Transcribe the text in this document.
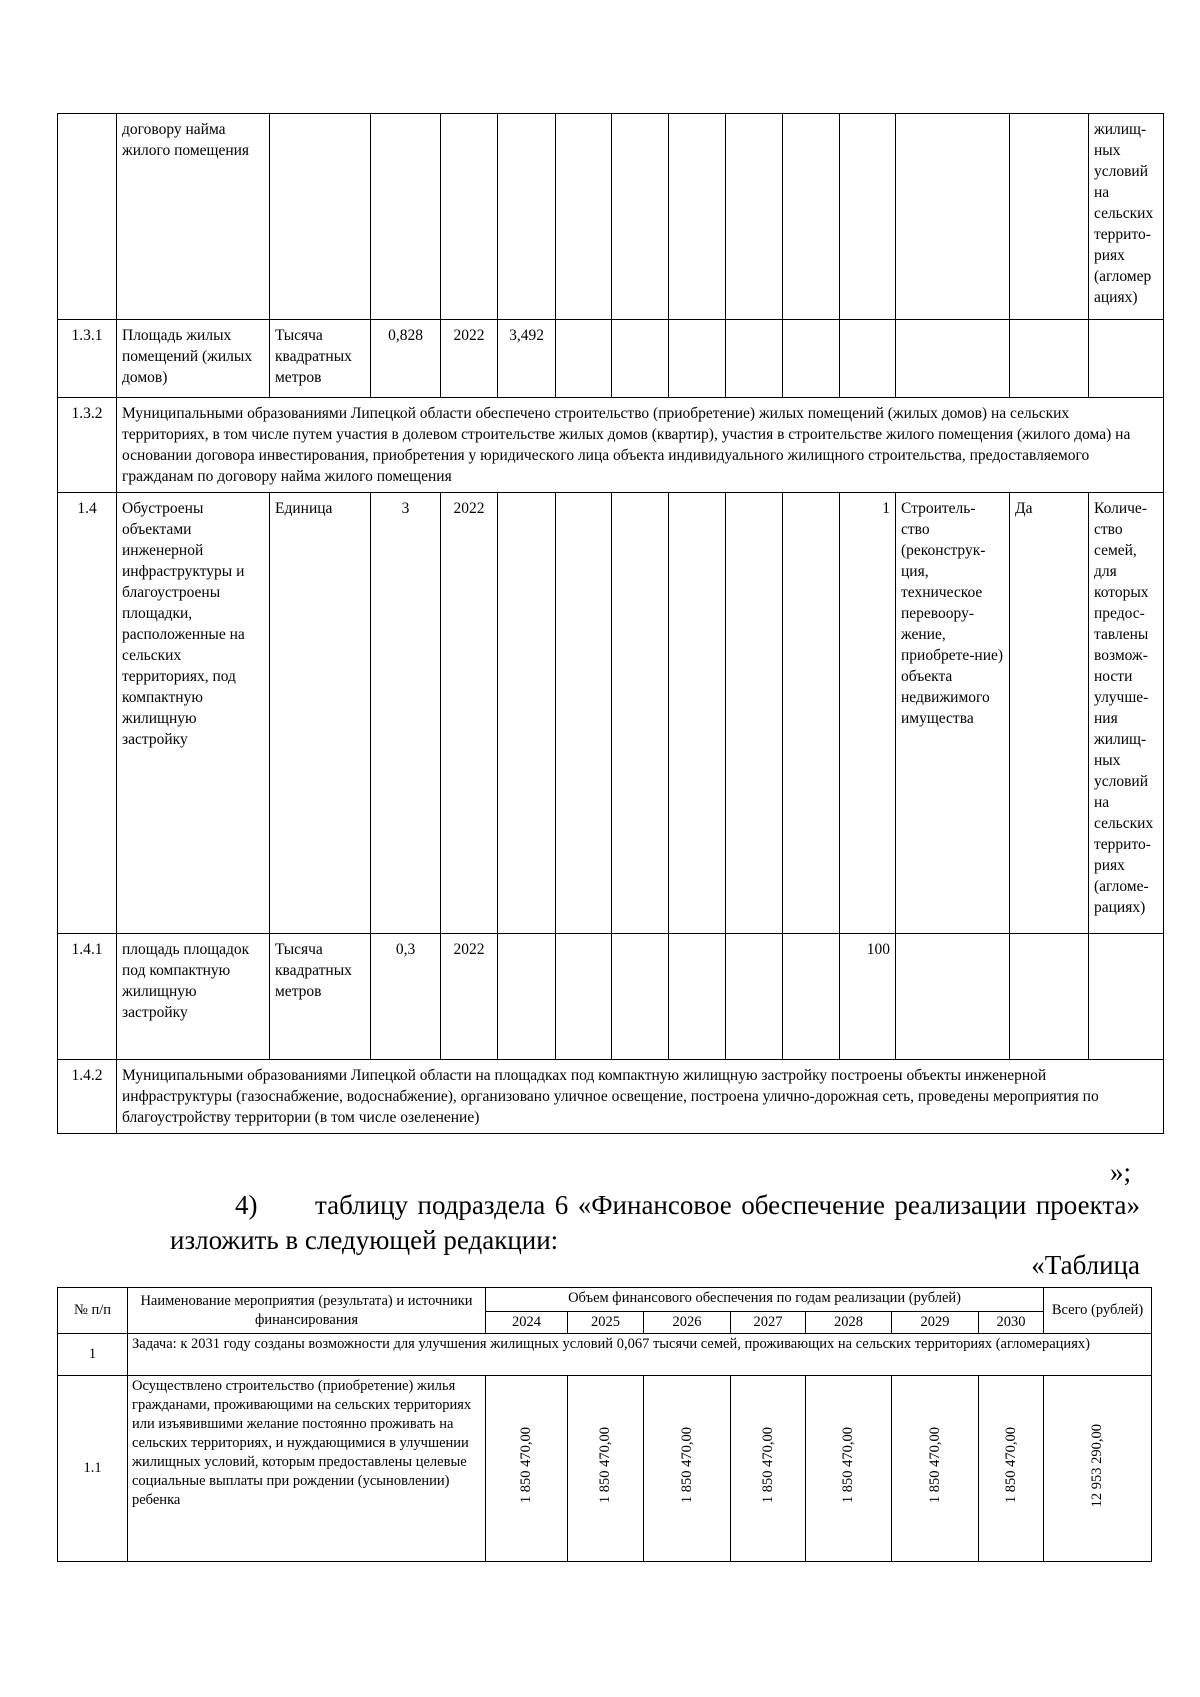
	договору найма жилого помещения													жилищ-ных условий на сельских террито-риях (агломер ациях)
1.3.1	Площадь жилых помещений (жилых домов)	Тысяча квадратных метров	0,828	2022	3,492									
1.3.2	Муниципальными образованиями Липецкой области обеспечено строительство (приобретение) жилых помещений (жилых домов) на сельских территориях, в том числе путем участия в долевом строительстве жилых домов (квартир), участия в строительстве жилого помещения (жилого дома) на основании договора инвестирования, приобретения у юридического лица объекта индивидуального жилищного строительства, предоставляемого гражданам по договору найма жилого помещения													
1.4	Обустроены объектами инженерной инфраструктуры и благоустроены площадки, расположенные на сельских территориях, под компактную жилищную застройку	Единица	3	2022							1	Строитель-ство (реконструк-ция, техническое перевоору-жение, приобрете-ние) объекта недвижимого имущества	Да	Количе-ство семей, для которых предос-тавлены возмож-ности улучше-ния жилищ-ных условий на сельских террито-риях (агломе-рациях)
1.4.1	площадь площадок под компактную жилищную застройку	Тысяча квадратных метров	0,3	2022							100			
1.4.2	Муниципальными образованиями Липецкой области на площадках под компактную жилищную застройку построены объекты инженерной инфраструктуры (газоснабжение, водоснабжение), организовано уличное освещение, построена улично-дорожная сеть, проведены мероприятия по благоустройству территории (в том числе озеленение)													
»;
4) таблицу подраздела 6 «Финансовое обеспечение реализации проекта»
изложить в следующей редакции:
«Таблица
№ п/п	Наименование мероприятия (результата) и источники финансирования	Объем финансового обеспечения по годам реализации (рублей)							Всего (рублей)
		2024	2025	2026	2027	2028	2029	2030	
1	Задача: к 2031 году созданы возможности для улучшения жилищных условий 0,067 тысячи семей, проживающих на сельских территориях (агломерациях)								
1.1	Осуществлено строительство (приобретение) жилья гражданами, проживающими на сельских территориях или изъявившими желание постоянно проживать на сельских территориях, и нуждающимися в улучшении жилищных условий, которым предоставлены целевые социальные выплаты при рождении (усыновлении) ребенка	1 850 470,00	1 850 470,00	1 850 470,00	1 850 470,00	1 850 470,00	1 850 470,00	1 850 470,00	12 953 290,00
